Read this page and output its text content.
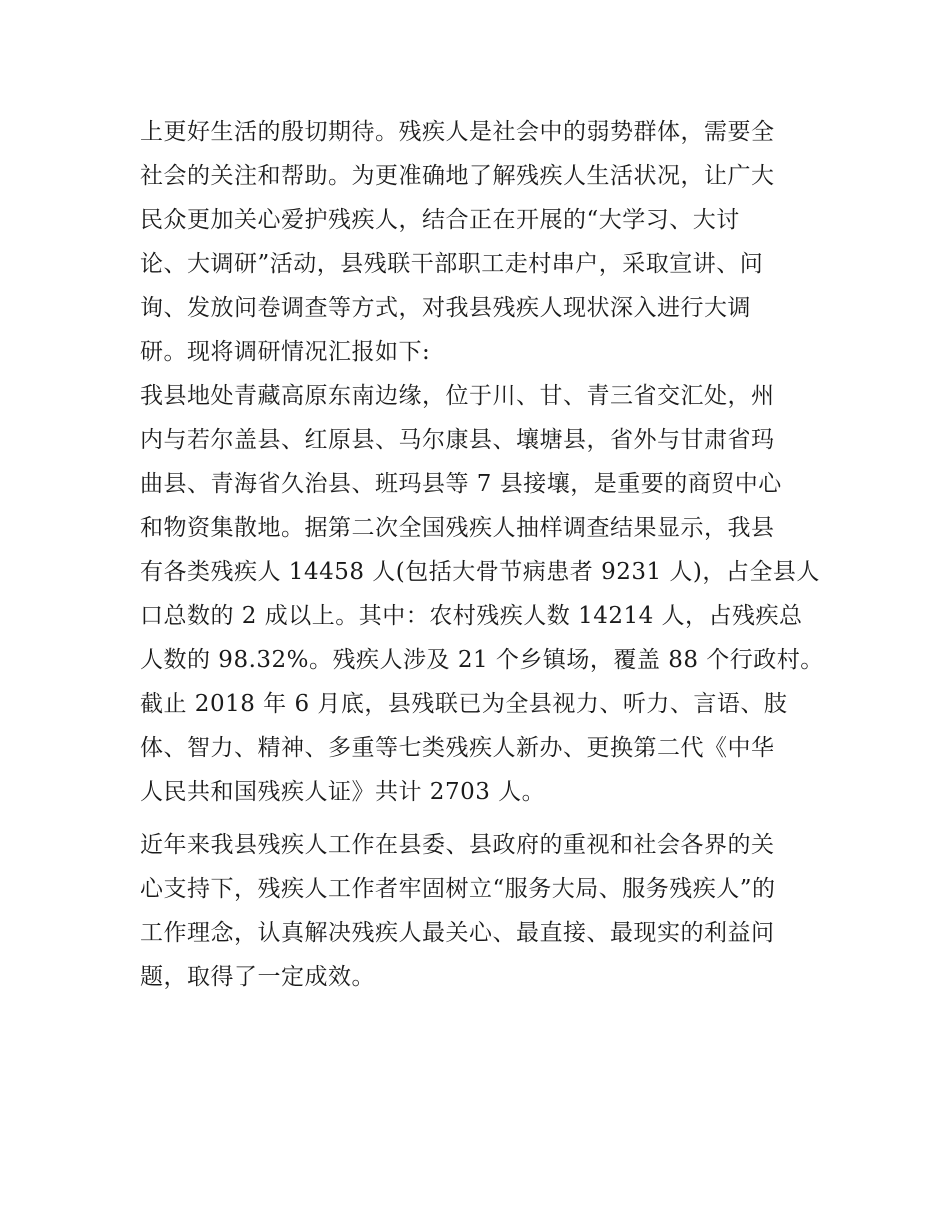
上更好生活的殷切期待。残疾人是社会中的弱势群体，需要全
社会的关注和帮助。为更准确地了解残疾人生活状况，让广大
民众更加关心爱护残疾人，结合正在开展的“大学习、大讨
论、大调研”活动，县残联干部职工走村串户，采取宣讲、问
询、发放问卷调查等方式，对我县残疾人现状深入进行大调
研。现将调研情况汇报如下:
我县地处青藏高原东南边缘，位于川、甘、青三省交汇处，州
内与若尔盖县、红原县、马尔康县、壤塘县，省外与甘肃省玛
曲县、青海省久治县、班玛县等 7 县接壤，是重要的商贸中心
和物资集散地。据第二次全国残疾人抽样调查结果显示，我县
有各类残疾人 14458 人(包括大骨节病患者 9231 人)，占全县人
口总数的 2 成以上。其中：农村残疾人数 14214 人，占残疾总
人数的 98.32%。残疾人涉及 21 个乡镇场，覆盖 88 个行政村。
截止 2018 年 6 月底，县残联已为全县视力、听力、言语、肢
体、智力、精神、多重等七类残疾人新办、更换第二代《中华
人民共和国残疾人证》共计 2703 人。
近年来我县残疾人工作在县委、县政府的重视和社会各界的关
心支持下，残疾人工作者牢固树立“服务大局、服务残疾人”的
工作理念，认真解决残疾人最关心、最直接、最现实的利益问
题，取得了一定成效。
